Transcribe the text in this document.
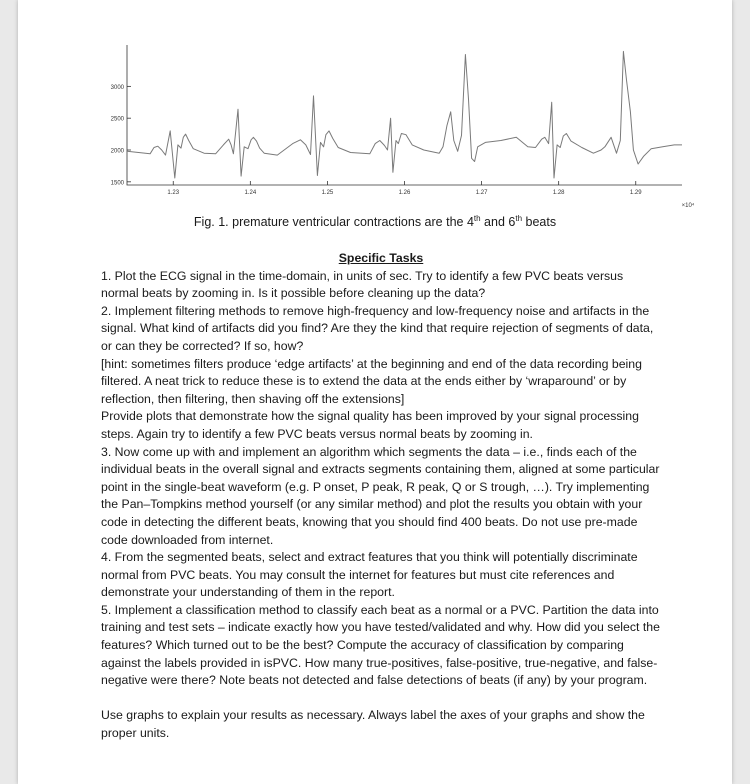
1500
2000
2500
3000
1.23	1.24	1.25	1.26	1.27	1.28	1.29
×10⁴
Fig. 1. premature ventricular contractions are the 4th and 6th beats
Specific Tasks

1. Plot the ECG signal in the time-domain, in units of sec. Try to identify a few PVC beats versus normal beats by zooming in. Is it possible before cleaning up the data?

2. Implement filtering methods to remove high-frequency and low-frequency noise and artifacts in the signal. What kind of artifacts did you find? Are they the kind that require rejection of segments of data, or can they be corrected? If so, how?

[hint: sometimes filters produce ‘edge artifacts’ at the beginning and end of the data recording being filtered. A neat trick to reduce these is to extend the data at the ends either by ‘wraparound’ or by reflection, then filtering, then shaving off the extensions]

Provide plots that demonstrate how the signal quality has been improved by your signal processing steps. Again try to identify a few PVC beats versus normal beats by zooming in.

3. Now come up with and implement an algorithm which segments the data – i.e., finds each of the individual beats in the overall signal and extracts segments containing them, aligned at some particular point in the single-beat waveform (e.g. P onset, P peak, R peak, Q or S trough, …). Try implementing the Pan–Tompkins method yourself (or any similar method) and plot the results you obtain with your code in detecting the different beats, knowing that you should find 400 beats. Do not use pre-made code downloaded from internet.

4. From the segmented beats, select and extract features that you think will potentially discriminate normal from PVC beats. You may consult the internet for features but must cite references and demonstrate your understanding of them in the report.

5. Implement a classification method to classify each beat as a normal or a PVC. Partition the data into training and test sets – indicate exactly how you have tested/validated and why. How did you select the features? Which turned out to be the best? Compute the accuracy of classification by comparing against the labels provided in isPVC. How many true-positives, false-positive, true-negative, and false-negative were there? Note beats not detected and false detections of beats (if any) by your program.

Use graphs to explain your results as necessary. Always label the axes of your graphs and show the proper units.
